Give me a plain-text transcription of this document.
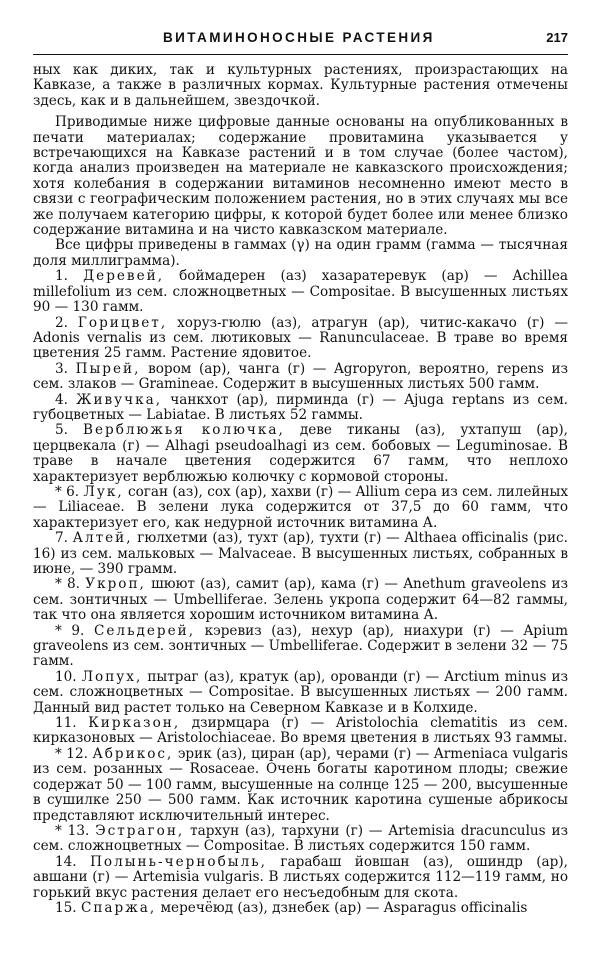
ВИТАМИНОНОСНЫЕ РАСТЕНИЯ	217

ных как диких, так и культурных растениях, произрастающих на Кавказе, а также в различных кормах. Культурные растения отмечены здесь, как и в дальнейшем, звездочкой.

Приводимые ниже цифровые данные основаны на опубликованных в печати материалах; содержание провитамина указывается у встречающихся на Кавказе растений и в том случае (более частом), когда анализ произведен на материале не кавказского происхождения; хотя колебания в содержании витаминов несомненно имеют место в связи с географическим положением растения, но в этих случаях мы все же получаем категорию цифры, к которой будет более или менее близко содержание витамина и на чисто кавказском материале.

Все цифры приведены в гаммах (γ) на один грамм (гамма — тысячная доля миллиграмма).

1. Деревей, боймадерен (аз) хазаратеревук (ар) — Achillea millefolium из сем. сложноцветных — Compositae. В высушенных листьях 90 — 130 гамм.

2. Горицвет, хоруз-гюлю (аз), атрагун (ар), читис-какачо (г) — Adonis vernalis из сем. лютиковых — Ranunculaceae. В траве во время цветения 25 гамм. Растение ядовитое.

3. Пырей, вором (ар), чанга (г) — Agropyron, вероятно, repens из сем. злаков — Gramineae. Содержит в высушенных листьях 500 гамм.

4. Живучка, чанкхот (ар), пирминда (г) — Ajuga reptans из сем. губоцветных — Labiatae. В листьях 52 гаммы.

5. Верблюжья колючка, деве тиканы (аз), ухтапуш (ар), церцвекала (г) — Alhagi pseudoalhagi из сем. бобовых — Leguminosae. В траве в начале цветения содержится 67 гамм, что неплохо характеризует верблюжью колючку с кормовой стороны.

* 6. Лук, соган (аз), сох (ар), хахви (г) — Allium сера из сем. лилейных — Liliaceae. В зелени лука содержится от 37,5 до 60 гамм, что характеризует его, как недурной источник витамина А.

7. Алтей, гюлхетми (аз), тухт (ар), тухти (г) — Althaea officinalis (рис. 16) из сем. мальковых — Malvaceae. В высушенных листьях, собранных в июне, — 390 грамм.

* 8. Укроп, шюют (аз), самит (ар), кама (г) — Anethum graveolens из сем. зонтичных — Umbelliferae. Зелень укропа содержит 64—82 гаммы, так что она является хорошим источником витамина А.

* 9. Сельдерей, кэревиз (аз), нехур (ар), ниахури (г) — Apium graveolens из сем. зонтичных — Umbelliferae. Содержит в зелени 32 — 75 гамм.

10. Лопух, пытраг (аз), кратук (ар), орованди (г) — Arctium minus из сем. сложноцветных — Compositae. В высушенных листьях — 200 гамм. Данный вид растет только на Северном Кавказе и в Колхиде.

11. Кирказон, дзирмцара (г) — Aristolochia clematitis из сем. кирказоновых — Aristolochiaceae. Во время цветения в листьях 93 гаммы.

* 12. Абрикос, эрик (аз), циран (ар), черами (г) — Armeniaca vulgaris из сем. розанных — Rosaceae. Очень богаты каротином плоды; свежие содержат 50 — 100 гамм, высушенные на солнце 125 — 200, высушенные в сушилке 250 — 500 гамм. Как источник каротина сушеные абрикосы представляют исключительный интерес.

* 13. Эстрагон, тархун (аз), тархуни (г) — Artemisia dracunculus из сем. сложноцветных — Compositae. В листьях содержится 150 гамм.

14. Полынь-чернобыль, гарабаш йовшан (аз), ошиндр (ар), авшани (г) — Artemisia vulgaris. В листьях содержится 112—119 гамм, но горький вкус растения делает его несъедобным для скота.

15. Спаржа, меречёюд (аз), дзнебек (ар) — Asparagus officinalis
